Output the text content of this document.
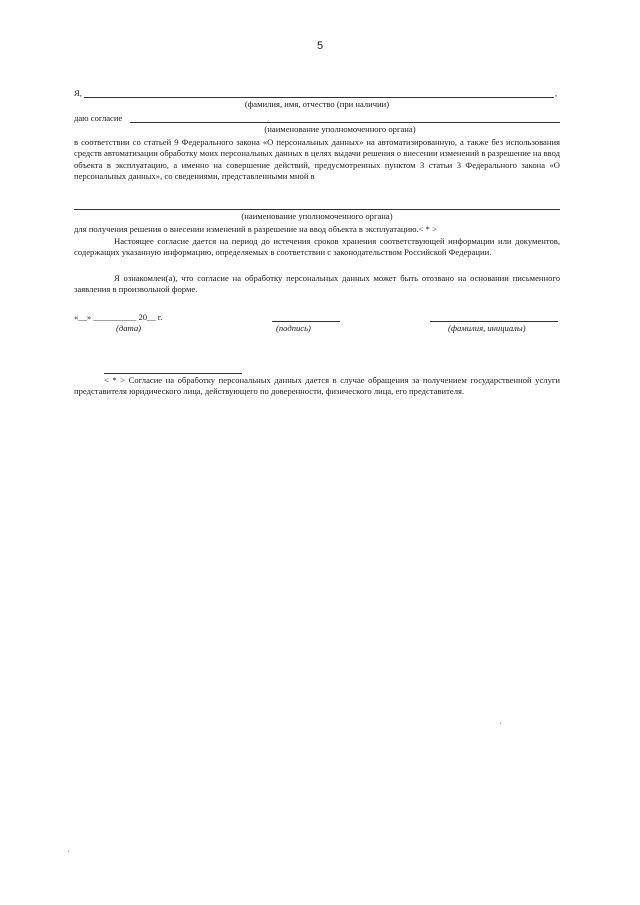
5
Я,	,
(фамилия, имя, отчество (при наличии)
даю согласие
(наименование уполномоченного органа)
в соответствии со статьей 9 Федерального закона «О персональных данных» на автоматизированную, а также без использования средств автоматизации обработку моих персональных данных в целях выдачи решения о внесении изменений в разрешение на ввод объекта в эксплуатацию, а именно на совершение действий, предусмотренных пунктом 3 статьи 3 Федерального закона «О персональных данных», со сведениями, представленными мной в
(наименование уполномоченного органа)
для получения решения о внесении изменений в разрешение на ввод объекта в эксплуатацию.< * >
Настоящее согласие дается на период до истечения сроков хранения соответствующей информации или документов, содержащих указанную информацию, определяемых в соответствии с законодательством Российской Федерации.
Я ознакомлен(а), что согласие на обработку персональных данных может быть отозвано на основании письменного заявления в произвольной форме.
«__» __________ 20__ г.
(дата)	(подпись)	(фамилия, инициалы)
< * > Согласие на обработку персональных данных дается в случае обращения за получением государственной услуги представителя юридического лица, действующего по доверенности, физического лица, его представителя.
